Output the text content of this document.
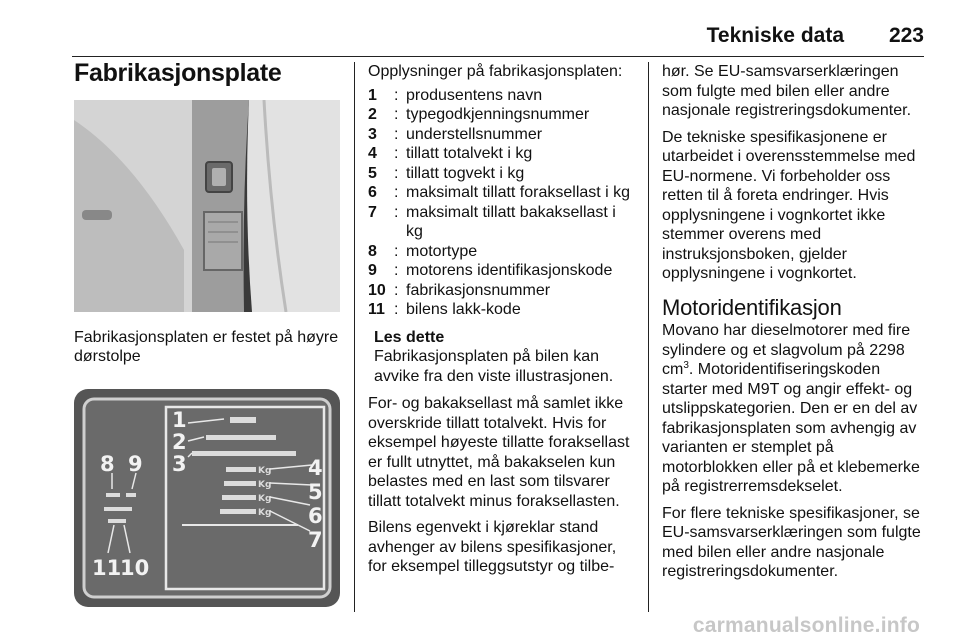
Tekniske data 223
Fabrikasjonsplate

Fabrikasjonsplaten er festet på høyre dørstolpe

Kg
Kg
Kg
Kg
1
2
3	4
5
6
7
8 9
11
10

Opplysninger på fabrikasjonsplaten:

1	: produsentens navn
2	: typegodkjenningsnummer
3	: understellsnummer
4	: tillatt totalvekt i kg
5	: tillatt togvekt i kg
6	: maksimalt tillatt foraksellast i kg
7	: maksimalt tillatt bakaksellast i kg
8	: motortype
9	: motorens identifikasjonskode
10 : fabrikasjonsnummer
11 : bilens lakk-kode
Les dette
Fabrikasjonsplaten på bilen kan avvike fra den viste illustrasjonen.

For- og bakaksellast må samlet ikke overskride tillatt totalvekt. Hvis for eksempel høyeste tillatte foraksellast er fullt utnyttet, må bakakselen kun belastes med en last som tilsvarer tillatt totalvekt minus foraksellasten.

Bilens egenvekt i kjøreklar stand avhenger av bilens spesifikasjoner, for eksempel tilleggsutstyr og tilbe-

hør. Se EU-samsvarserklæringen som fulgte med bilen eller andre nasjonale registreringsdokumenter.

De tekniske spesifikasjonene er utarbeidet i overensstemmelse med EU-normene. Vi forbeholder oss retten til å foreta endringer. Hvis opplysningene i vognkortet ikke stemmer overens med instruksjonsboken, gjelder opplysningene i vognkortet.

Motoridentifikasjon

Movano har dieselmotorer med fire sylindere og et slagvolum på 2298 $cm^3$. Motoridentifiseringskoden starter med M9T og angir effekt- og utslippskategorien. Den er en del av fabrikasjonsplaten som avhengig av varianten er stemplet på motorblokken eller på et klebemerke på registrerremsdekselet.

For flere tekniske spesifikasjoner, se EU-samsvarserklæringen som fulgte med bilen eller andre nasjonale registreringsdokumenter.

carmanualsonline.info
